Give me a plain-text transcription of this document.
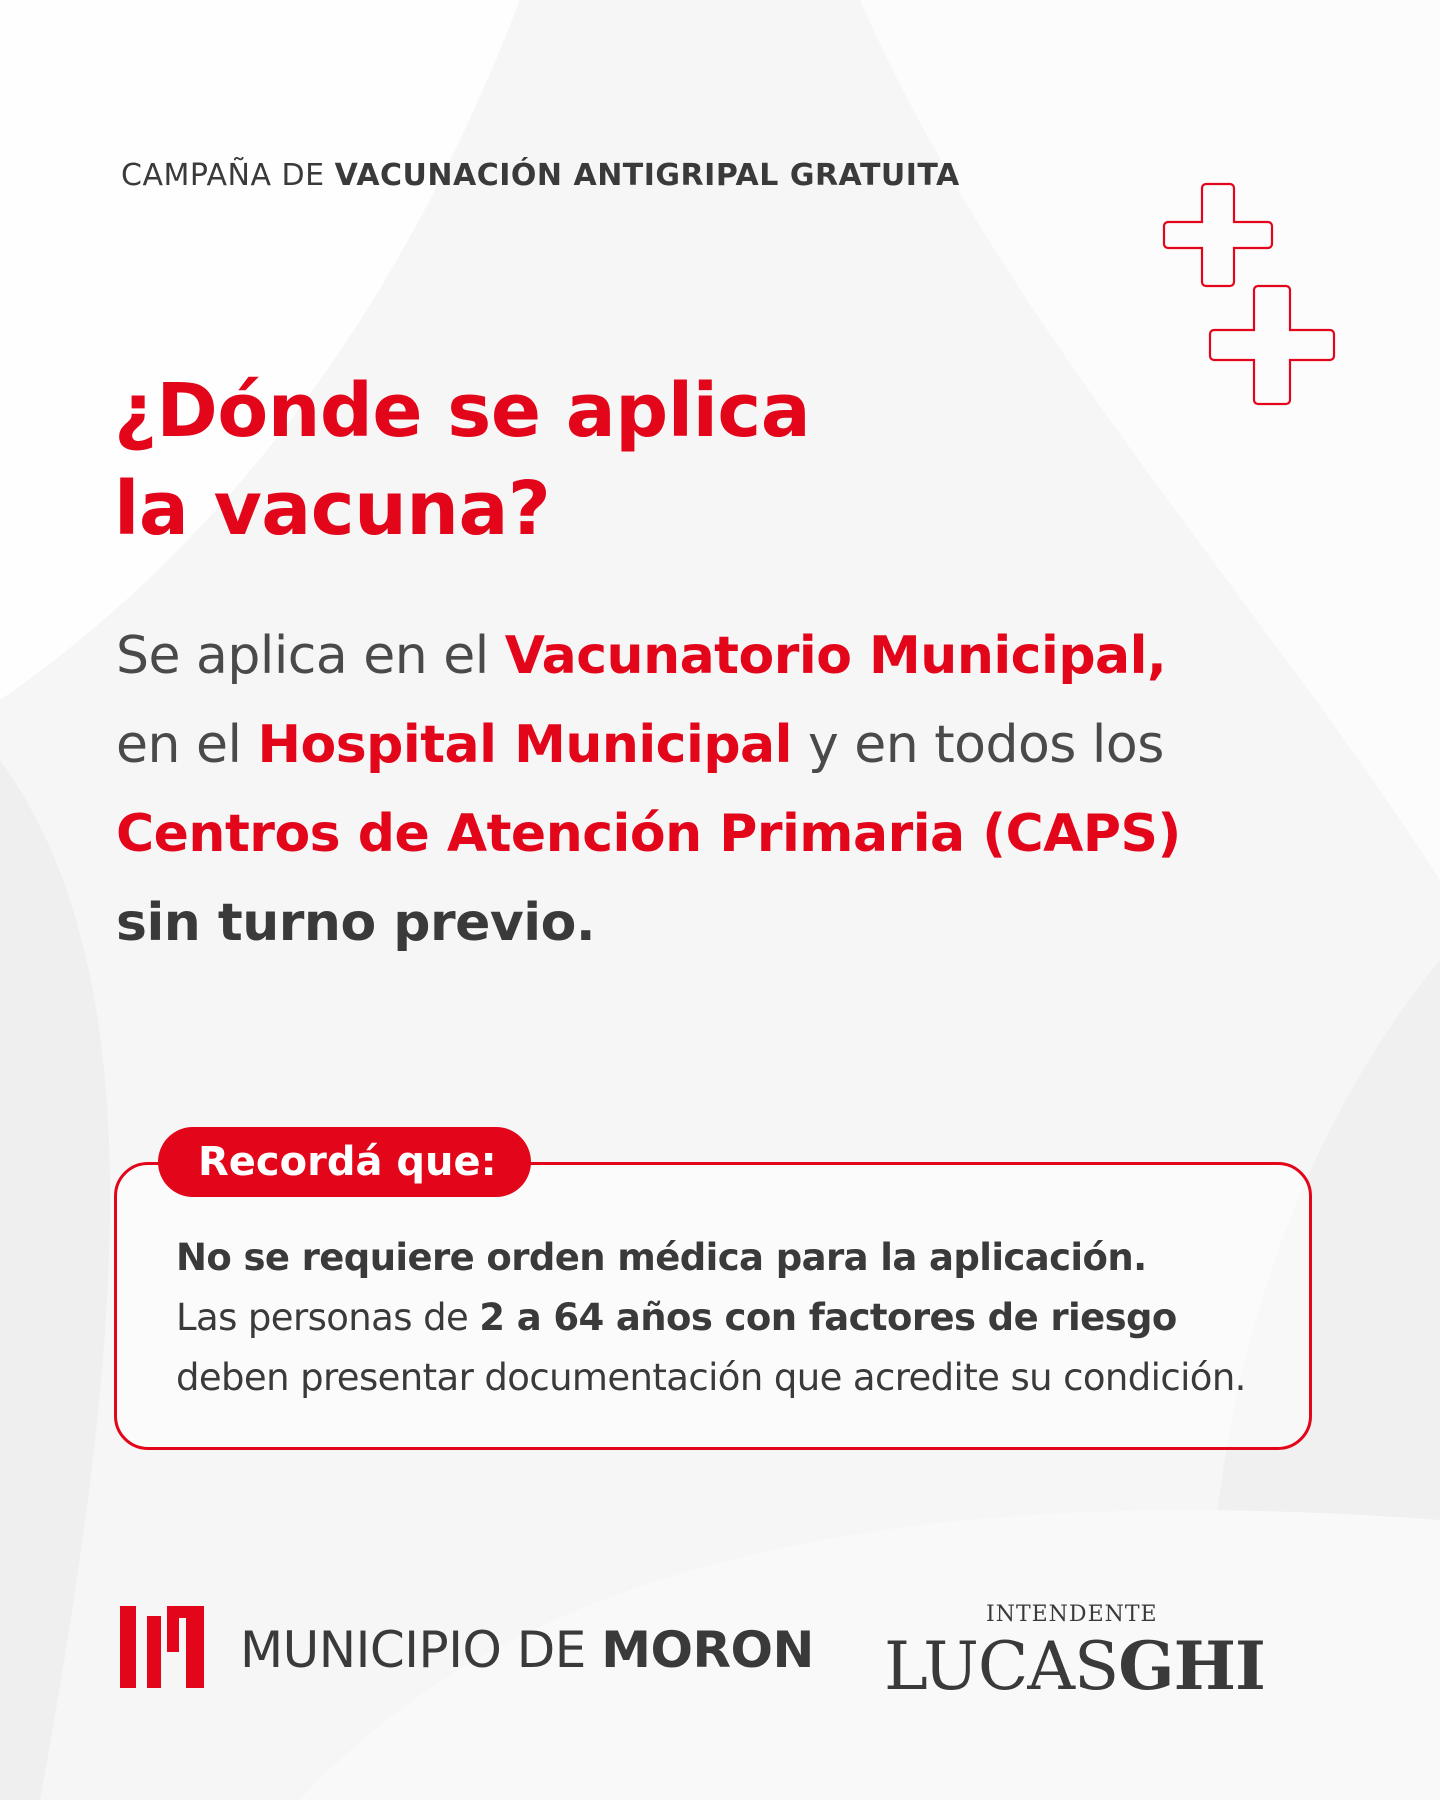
CAMPAÑA DE VACUNACIÓN ANTIGRIPAL GRATUITA
¿Dónde se aplica
la vacuna?

Se aplica en el Vacunatorio Municipal,
en el Hospital Municipal y en todos los
Centros de Atención Primaria (CAPS)
sin turno previo.

Recordá que:

No se requiere orden médica para la aplicación.
Las personas de 2 a 64 años con factores de riesgo
deben presentar documentación que acredite su condición.

MUNICIPIO DE MORON
INTENDENTE
LUCASGHI
